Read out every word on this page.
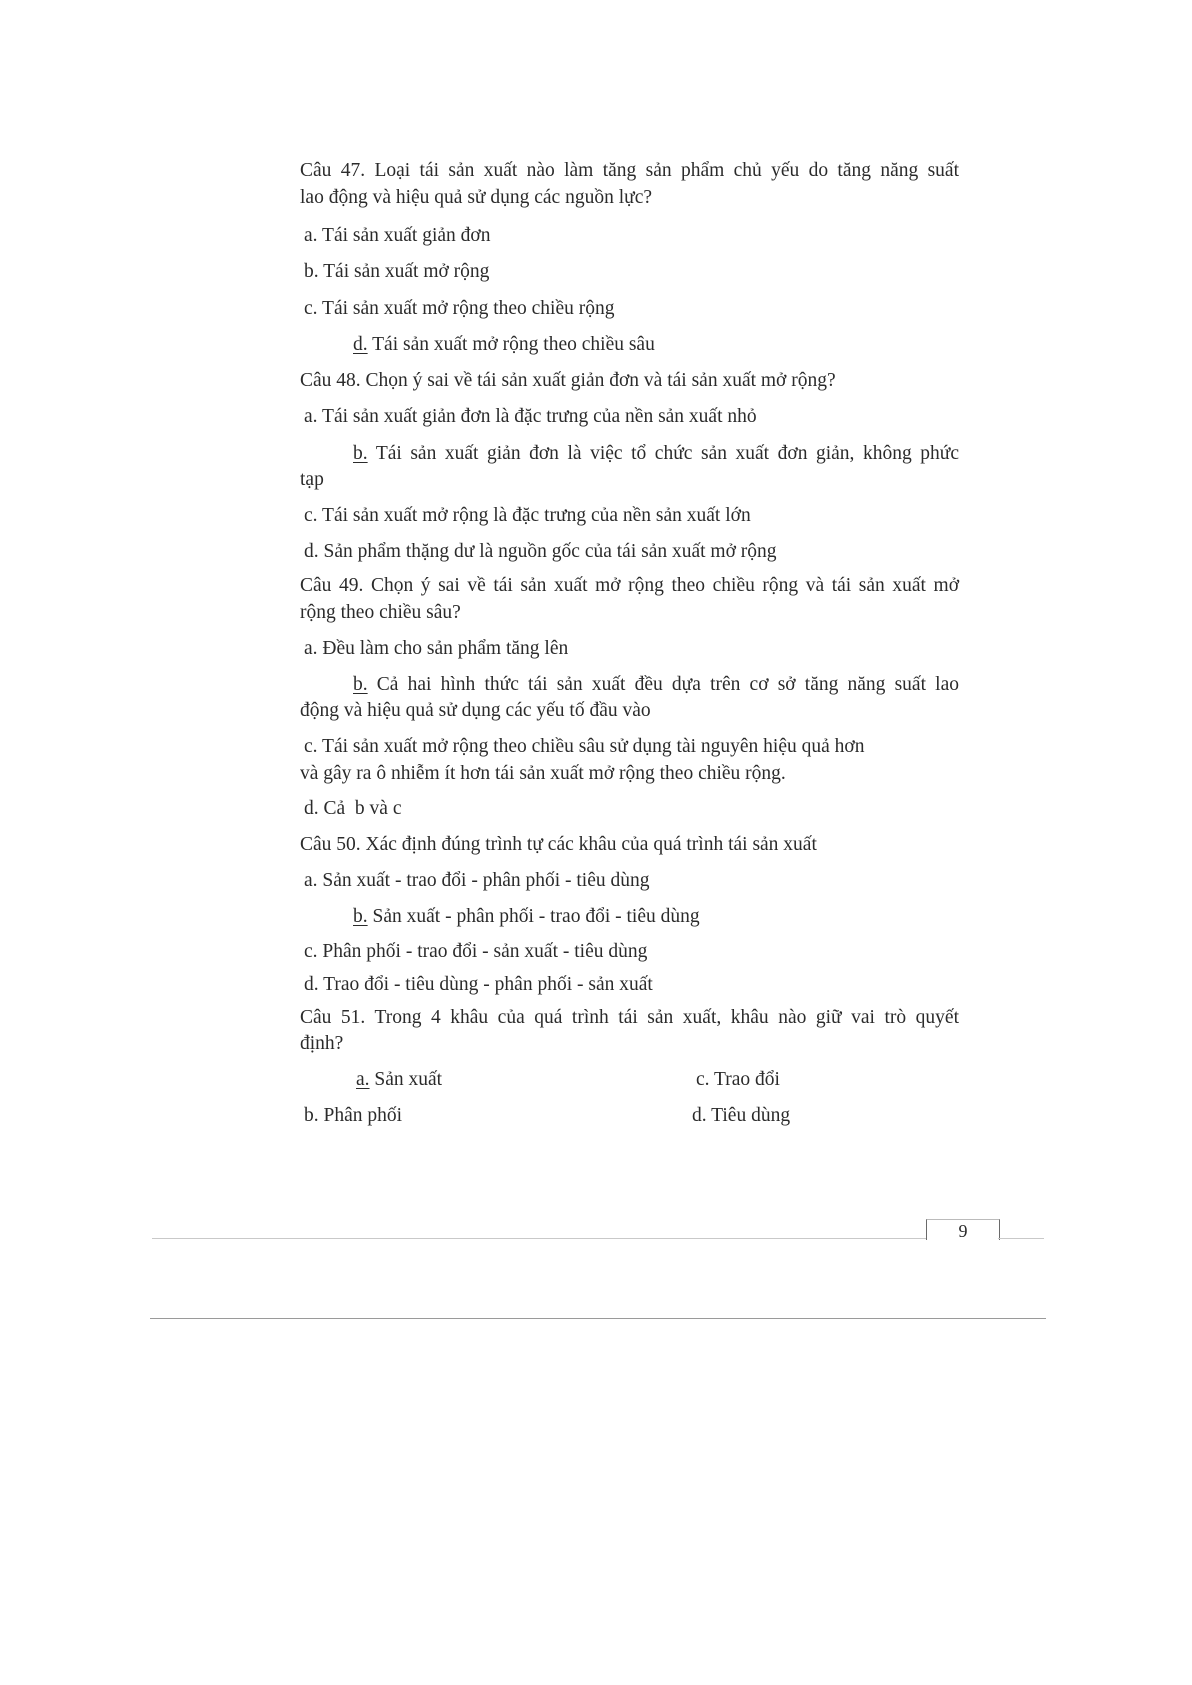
Câu 47. Loại tái sản xuất nào làm tăng sản phẩm chủ yếu do tăng năng suất
lao động và hiệu quả sử dụng các nguồn lực?
a. Tái sản xuất giản đơn
b. Tái sản xuất mở rộng
c. Tái sản xuất mở rộng theo chiều rộng
d. Tái sản xuất mở rộng theo chiều sâu
Câu 48. Chọn ý sai về tái sản xuất giản đơn và tái sản xuất mở rộng?
a. Tái sản xuất giản đơn là đặc trưng của nền sản xuất nhỏ
b. Tái sản xuất giản đơn là việc tổ chức sản xuất đơn giản, không phức
tạp
c. Tái sản xuất mở rộng là đặc trưng của nền sản xuất lớn
d. Sản phẩm thặng dư là nguồn gốc của tái sản xuất mở rộng
Câu 49. Chọn ý sai về tái sản xuất mở rộng theo chiều rộng và tái sản xuất mở
rộng theo chiều sâu?
a. Đều làm cho sản phẩm tăng lên
b. Cả hai hình thức tái sản xuất đều dựa trên cơ sở tăng năng suất lao
động và hiệu quả sử dụng các yếu tố đầu vào
c. Tái sản xuất mở rộng theo chiều sâu sử dụng tài nguyên hiệu quả hơn
và gây ra ô nhiễm ít hơn tái sản xuất mở rộng theo chiều rộng.
d. Cả  b và c
Câu 50. Xác định đúng trình tự các khâu của quá trình tái sản xuất
a. Sản xuất - trao đổi - phân phối - tiêu dùng
b. Sản xuất - phân phối - trao đổi - tiêu dùng
c. Phân phối - trao đổi - sản xuất - tiêu dùng
d. Trao đổi - tiêu dùng - phân phối - sản xuất
Câu 51. Trong 4 khâu của quá trình tái sản xuất, khâu nào giữ vai trò quyết
định?
a. Sản xuất	c. Trao đổi
b. Phân phối	d. Tiêu dùng
9
